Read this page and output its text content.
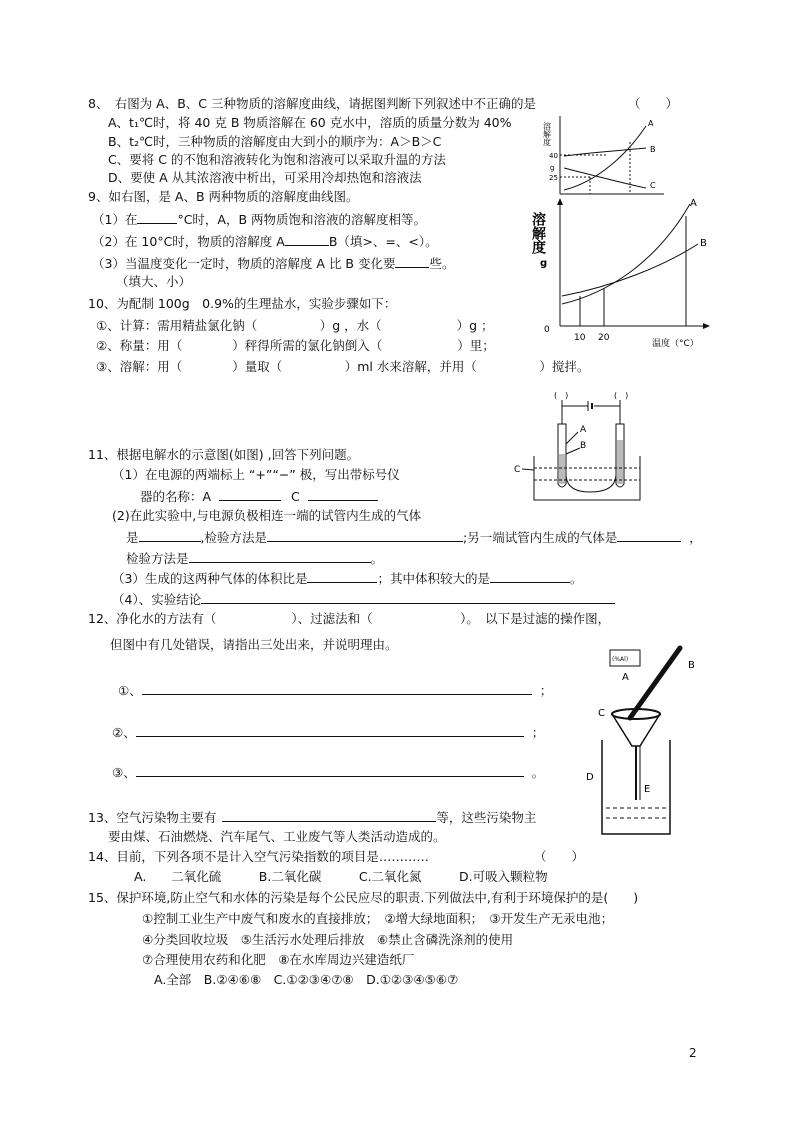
8、　右图为 A、B、C 三种物质的溶解度曲线，请据图判断下列叙述中不正确的是	（　　）
A、t₁℃时，将 40 克 B 物质溶解在 60 克水中，溶质的质量分数为 40%
B、t₂℃时，三种物质的溶解度由大到小的顺序为：A＞B＞C
C、要将 C 的不饱和溶液转化为饱和溶液可以采取升温的方法
D、要使 A 从其浓溶液中析出，可采用冷却热饱和溶液法
溶解度
40
25
g
A
B
C
9、如右图，是 A、B 两种物质的溶解度曲线图。
（1）在	°C时，A，B 两物质饱和溶液的溶解度相等。
（2）在 10°C时，物质的溶解度 A	B（填>、=、<）。
（3）当温度变化一定时，物质的溶解度 A 比 B 变化要	些。
（填大、小）
溶解度
g
A
B
0
10 20
温度（°C）
10、为配制 100g　0.9%的生理盐水，实验步骤如下：
①、计算：需用精盐氯化钠（　　　　　）g ，水（　　　　　　）g ；
②、称量：用（　　　　）秤得所需的氯化钠倒入（　　　　　　）里；
③、溶解：用（　　　　）量取（　　　　　）ml 水来溶解，并用（　　　　　）搅拌。
11、根据电解水的示意图(如图) ,回答下列问题。
（1）在电源的两端标上 “+”“−” 极，写出带标号仪
器的名称：A	C
(2)在此实验中,与电源负极相连一端的试管内生成的气体
是	,检验方法是	;另一端试管内生成的气体是	，
检验方法是	。
（3）生成的这两种气体的体积比是	；其中体积较大的是	。
（4）、实验结论
(　)	(　)
A
B
C
12、净化水的方法有（　　　　　　）、过滤法和（　　　　　　　）。　以下是过滤的操作图，
但图中有几处错误，请指出三处出来，并说明理由。
①、	；
②、	；
③、	。
(%Al)
A
B
C
D
E
13、空气污染物主要有	等，这些污染物主
要由煤、石油燃烧、汽车尾气、工业废气等人类活动造成的。
14、目前，下列各项不是计入空气污染指数的项目是…………	（　　）
A.　　二氧化硫　　　B.二氧化碳　　　C.二氧化氮　　　D.可吸入颗粒物
15、保护环境,防止空气和水体的污染是每个公民应尽的职责.下列做法中,有利于环境保护的是(　　)
①控制工业生产中废气和废水的直接排放；　②增大绿地面积；　③开发生产无汞电池；
④分类回收垃圾　⑤生活污水处理后排放　⑥禁止含磷洗涤剂的使用
⑦合理使用农药和化肥　⑧在水库周边兴建造纸厂
A.全部　B.②④⑥⑧　C.①②③④⑦⑧　D.①②③④⑤⑥⑦
2
